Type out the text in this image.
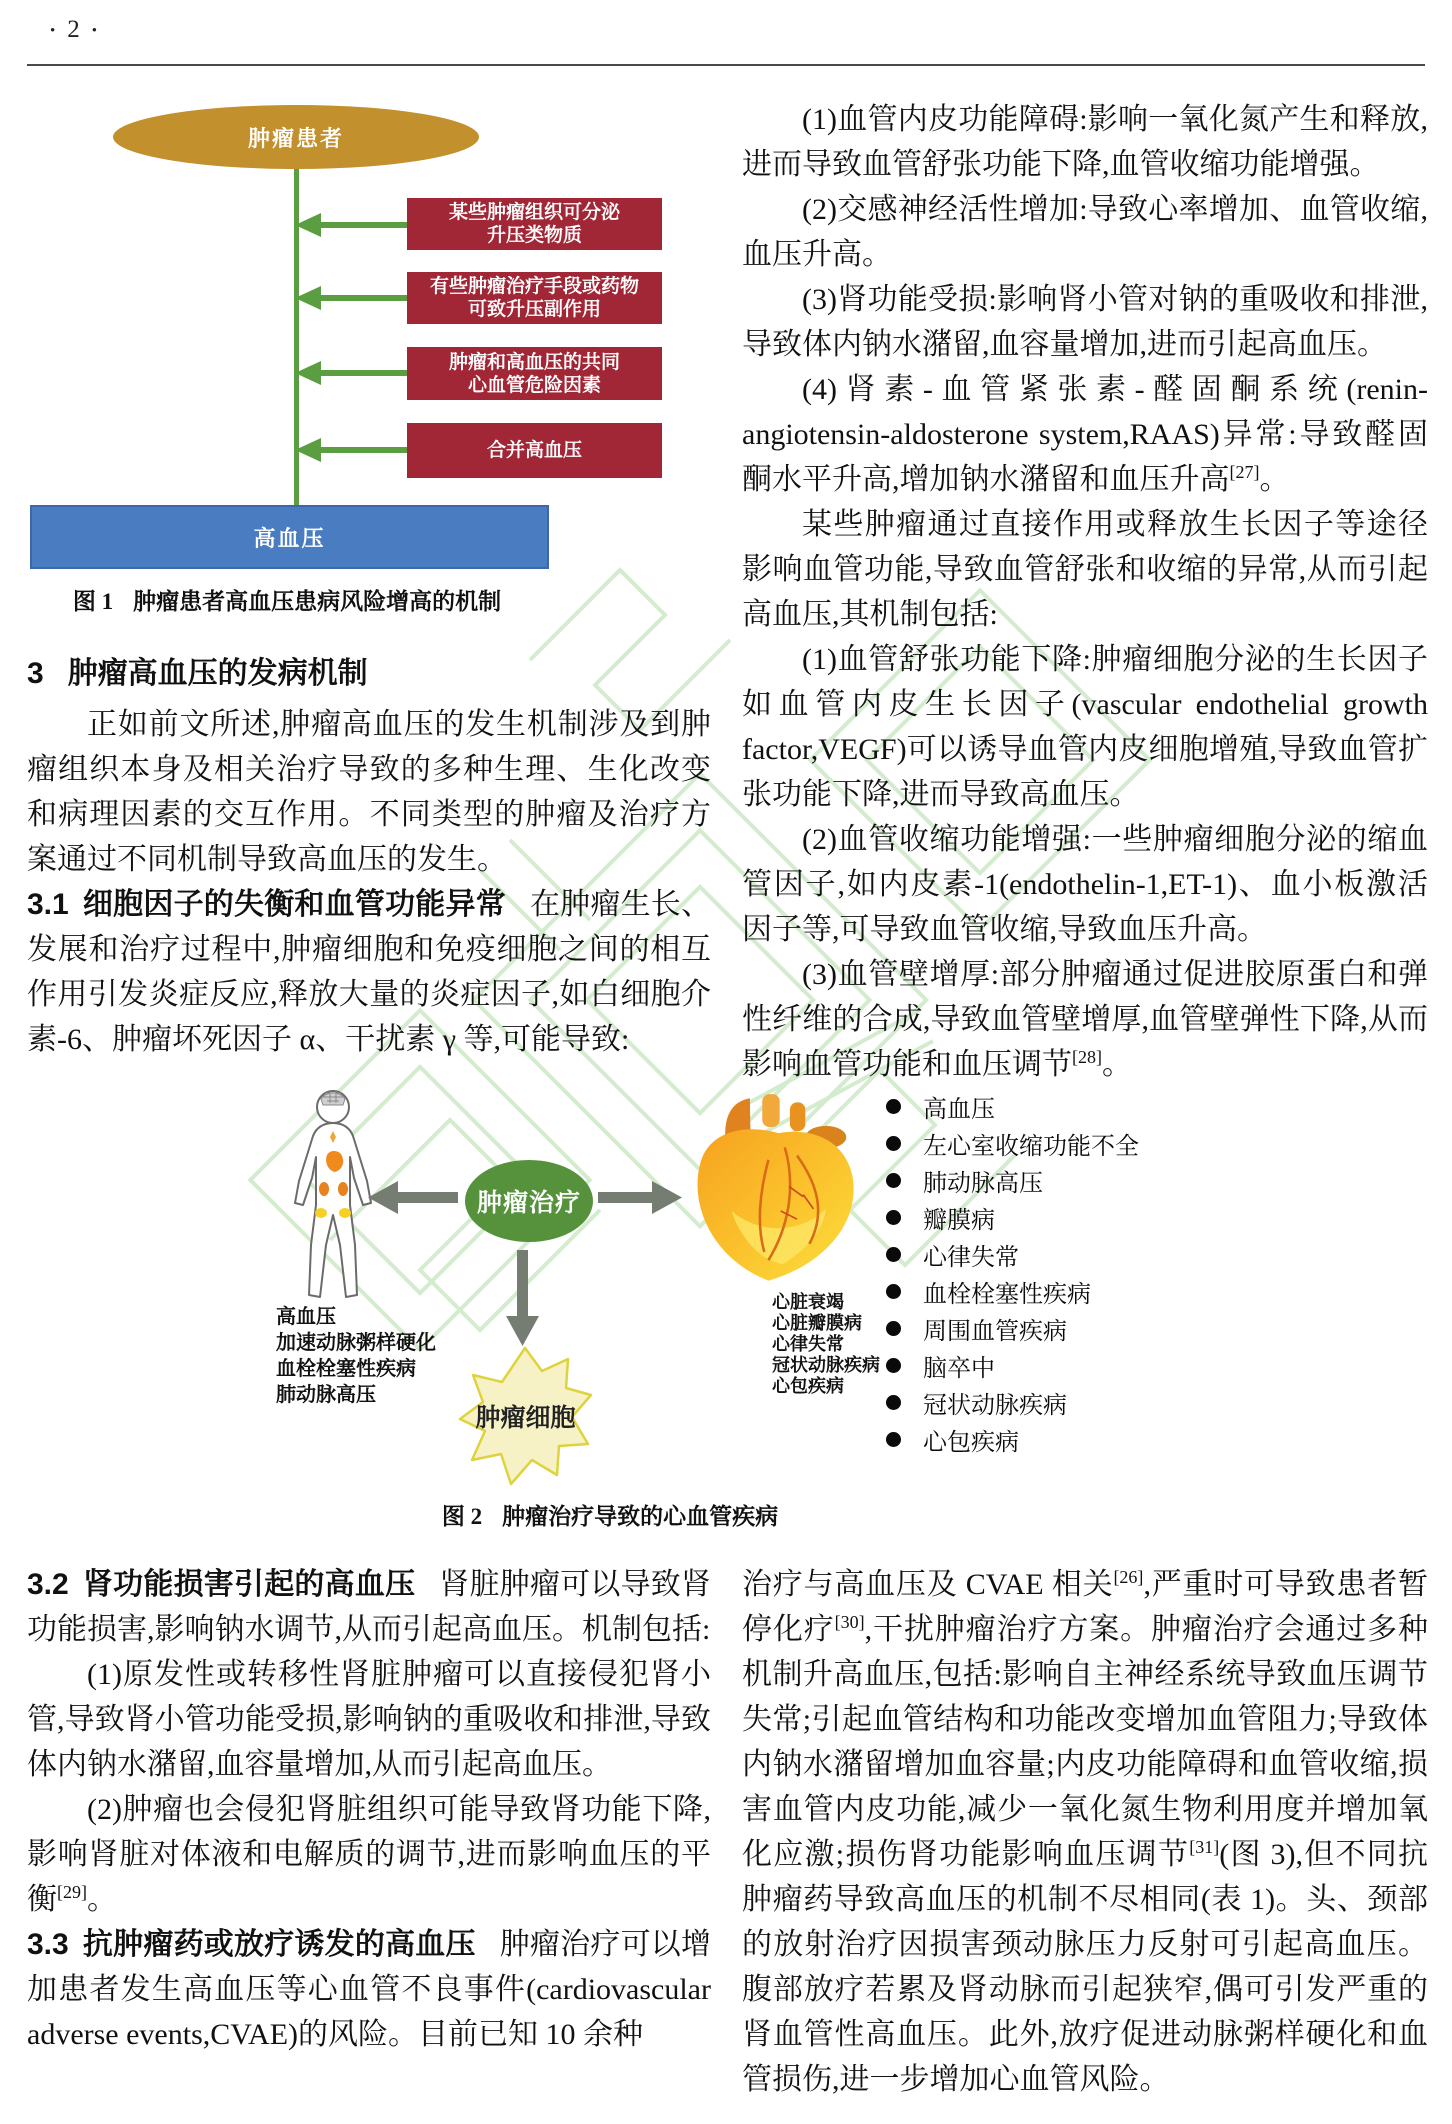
• 2 •
肿瘤患者
某些肿瘤组织可分泌
升压类物质
有些肿瘤治疗手段或药物
可致升压副作用
肿瘤和高血压的共同
心血管危险因素
合并高血压
高血压
图 1 肿瘤患者高血压患病风险增高的机制
3 肿瘤高血压的发病机制

正如前文所述,肿瘤高血压的发生机制涉及到肿瘤组织本身及相关治疗导致的多种生理、生化改变和病理因素的交互作用。不同类型的肿瘤及治疗方案通过不同机制导致高血压的发生。

3.1 细胞因子的失衡和血管功能异常 在肿瘤生长、发展和治疗过程中,肿瘤细胞和免疫细胞之间的相互作用引发炎症反应,释放大量的炎症因子,如白细胞介素-6、肿瘤坏死因子 α、干扰素 γ 等,可能导致:

(1)血管内皮功能障碍:影响一氧化氮产生和释放,进而导致血管舒张功能下降,血管收缩功能增强。

(2)交感神经活性增加:导致心率增加、血管收缩,血压升高。

(3)肾功能受损:影响肾小管对钠的重吸收和排泄,导致体内钠水潴留,血容量增加,进而引起高血压。

(4)肾素-血管紧张素-醛固酮系统(renin-angiotensin-aldosterone system,RAAS)异常:导致醛固酮水平升高,增加钠水潴留和血压升高[27]。

某些肿瘤通过直接作用或释放生长因子等途径影响血管功能,导致血管舒张和收缩的异常,从而引起高血压,其机制包括:

(1)血管舒张功能下降:肿瘤细胞分泌的生长因子如血管内皮生长因子(vascular endothelial growth factor,VEGF)可以诱导血管内皮细胞增殖,导致血管扩张功能下降,进而导致高血压。

(2)血管收缩功能增强:一些肿瘤细胞分泌的缩血管因子,如内皮素-1(endothelin-1,ET-1)、血小板激活因子等,可导致血管收缩,导致血压升高。

(3)血管壁增厚:部分肿瘤通过促进胶原蛋白和弹性纤维的合成,导致血管壁增厚,血管壁弹性下降,从而影响血管功能和血压调节[28]。

高血压
加速动脉粥样硬化
血栓栓塞性疾病
肺动脉高压
肿瘤治疗
肿瘤细胞
心脏衰竭
心脏瓣膜病
心律失常
冠状动脉疾病
心包疾病
高血压
左心室收缩功能不全
肺动脉高压
瓣膜病
心律失常
血栓栓塞性疾病
周围血管疾病
脑卒中
冠状动脉疾病
心包疾病
图 2 肿瘤治疗导致的心血管疾病

3.2 肾功能损害引起的高血压 肾脏肿瘤可以导致肾功能损害,影响钠水调节,从而引起高血压。机制包括:

(1)原发性或转移性肾脏肿瘤可以直接侵犯肾小管,导致肾小管功能受损,影响钠的重吸收和排泄,导致体内钠水潴留,血容量增加,从而引起高血压。

(2)肿瘤也会侵犯肾脏组织可能导致肾功能下降,影响肾脏对体液和电解质的调节,进而影响血压的平衡[29]。

3.3 抗肿瘤药或放疗诱发的高血压 肿瘤治疗可以增加患者发生高血压等心血管不良事件(cardiovascular adverse events,CVAE)的风险。目前已知 10 余种

治疗与高血压及 CVAE 相关[26],严重时可导致患者暂停化疗[30],干扰肿瘤治疗方案。肿瘤治疗会通过多种机制升高血压,包括:影响自主神经系统导致血压调节失常;引起血管结构和功能改变增加血管阻力;导致体内钠水潴留增加血容量;内皮功能障碍和血管收缩,损害血管内皮功能,减少一氧化氮生物利用度并增加氧化应激;损伤肾功能影响血压调节[31](图 3),但不同抗肿瘤药导致高血压的机制不尽相同(表 1)。头、颈部的放射治疗因损害颈动脉压力反射可引起高血压。腹部放疗若累及肾动脉而引起狭窄,偶可引发严重的肾血管性高血压。此外,放疗促进动脉粥样硬化和血管损伤,进一步增加心血管风险。
